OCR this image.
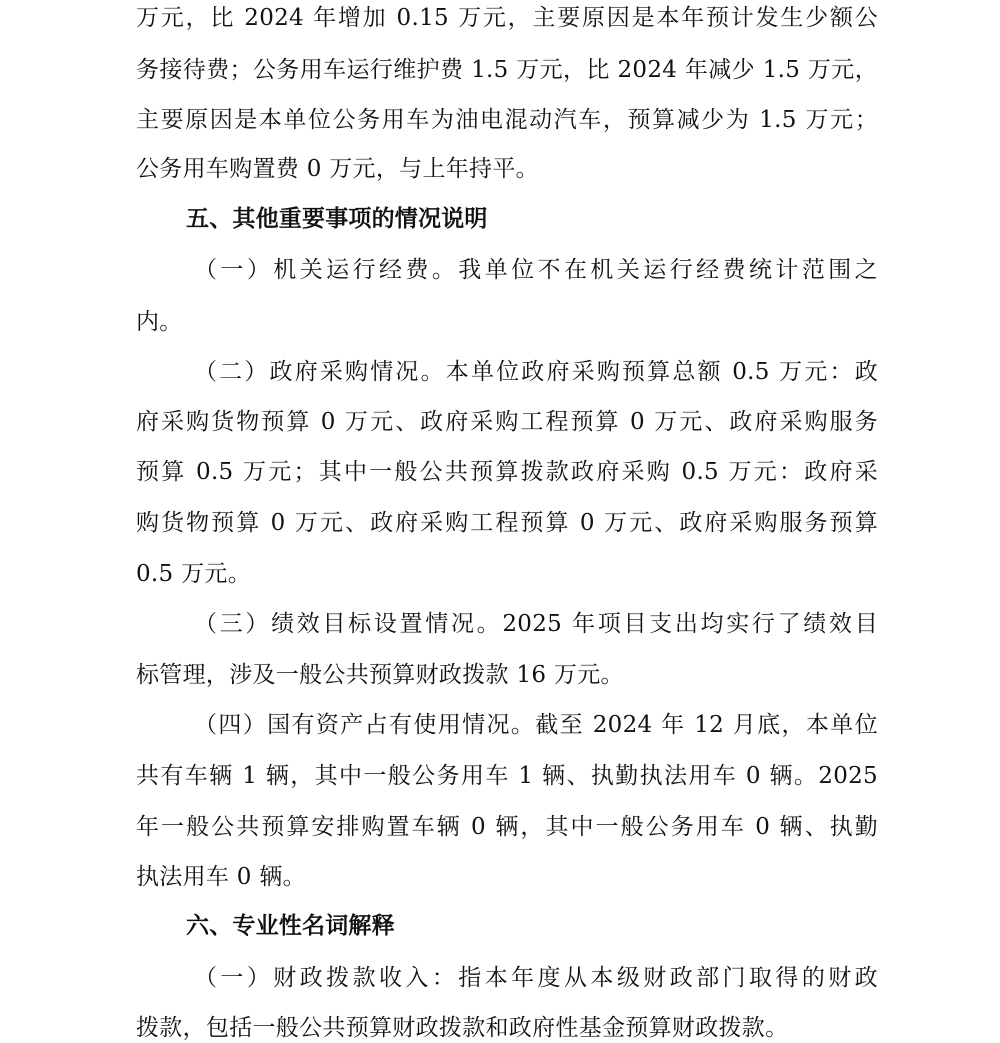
万元，比 2024 年增加 0.15 万元，主要原因是本年预计发生少额公
务接待费；公务用车运行维护费 1.5 万元，比 2024 年减少 1.5 万元，
主要原因是本单位公务用车为油电混动汽车，预算减少为 1.5 万元；
公务用车购置费 0 万元，与上年持平。
五、其他重要事项的情况说明
（一）机关运行经费。我单位不在机关运行经费统计范围之
内。
（二）政府采购情况。本单位政府采购预算总额 0.5 万元：政
府采购货物预算 0 万元、政府采购工程预算 0 万元、政府采购服务
预算 0.5 万元；其中一般公共预算拨款政府采购 0.5 万元：政府采
购货物预算 0 万元、政府采购工程预算 0 万元、政府采购服务预算
0.5 万元。
（三）绩效目标设置情况。2025 年项目支出均实行了绩效目
标管理，涉及一般公共预算财政拨款 16 万元。
（四）国有资产占有使用情况。截至 2024 年 12 月底，本单位
共有车辆 1 辆，其中一般公务用车 1 辆、执勤执法用车 0 辆。2025
年一般公共预算安排购置车辆 0 辆，其中一般公务用车 0 辆、执勤
执法用车 0 辆。
六、专业性名词解释
（一）财政拨款收入：指本年度从本级财政部门取得的财政
拨款，包括一般公共预算财政拨款和政府性基金预算财政拨款。
